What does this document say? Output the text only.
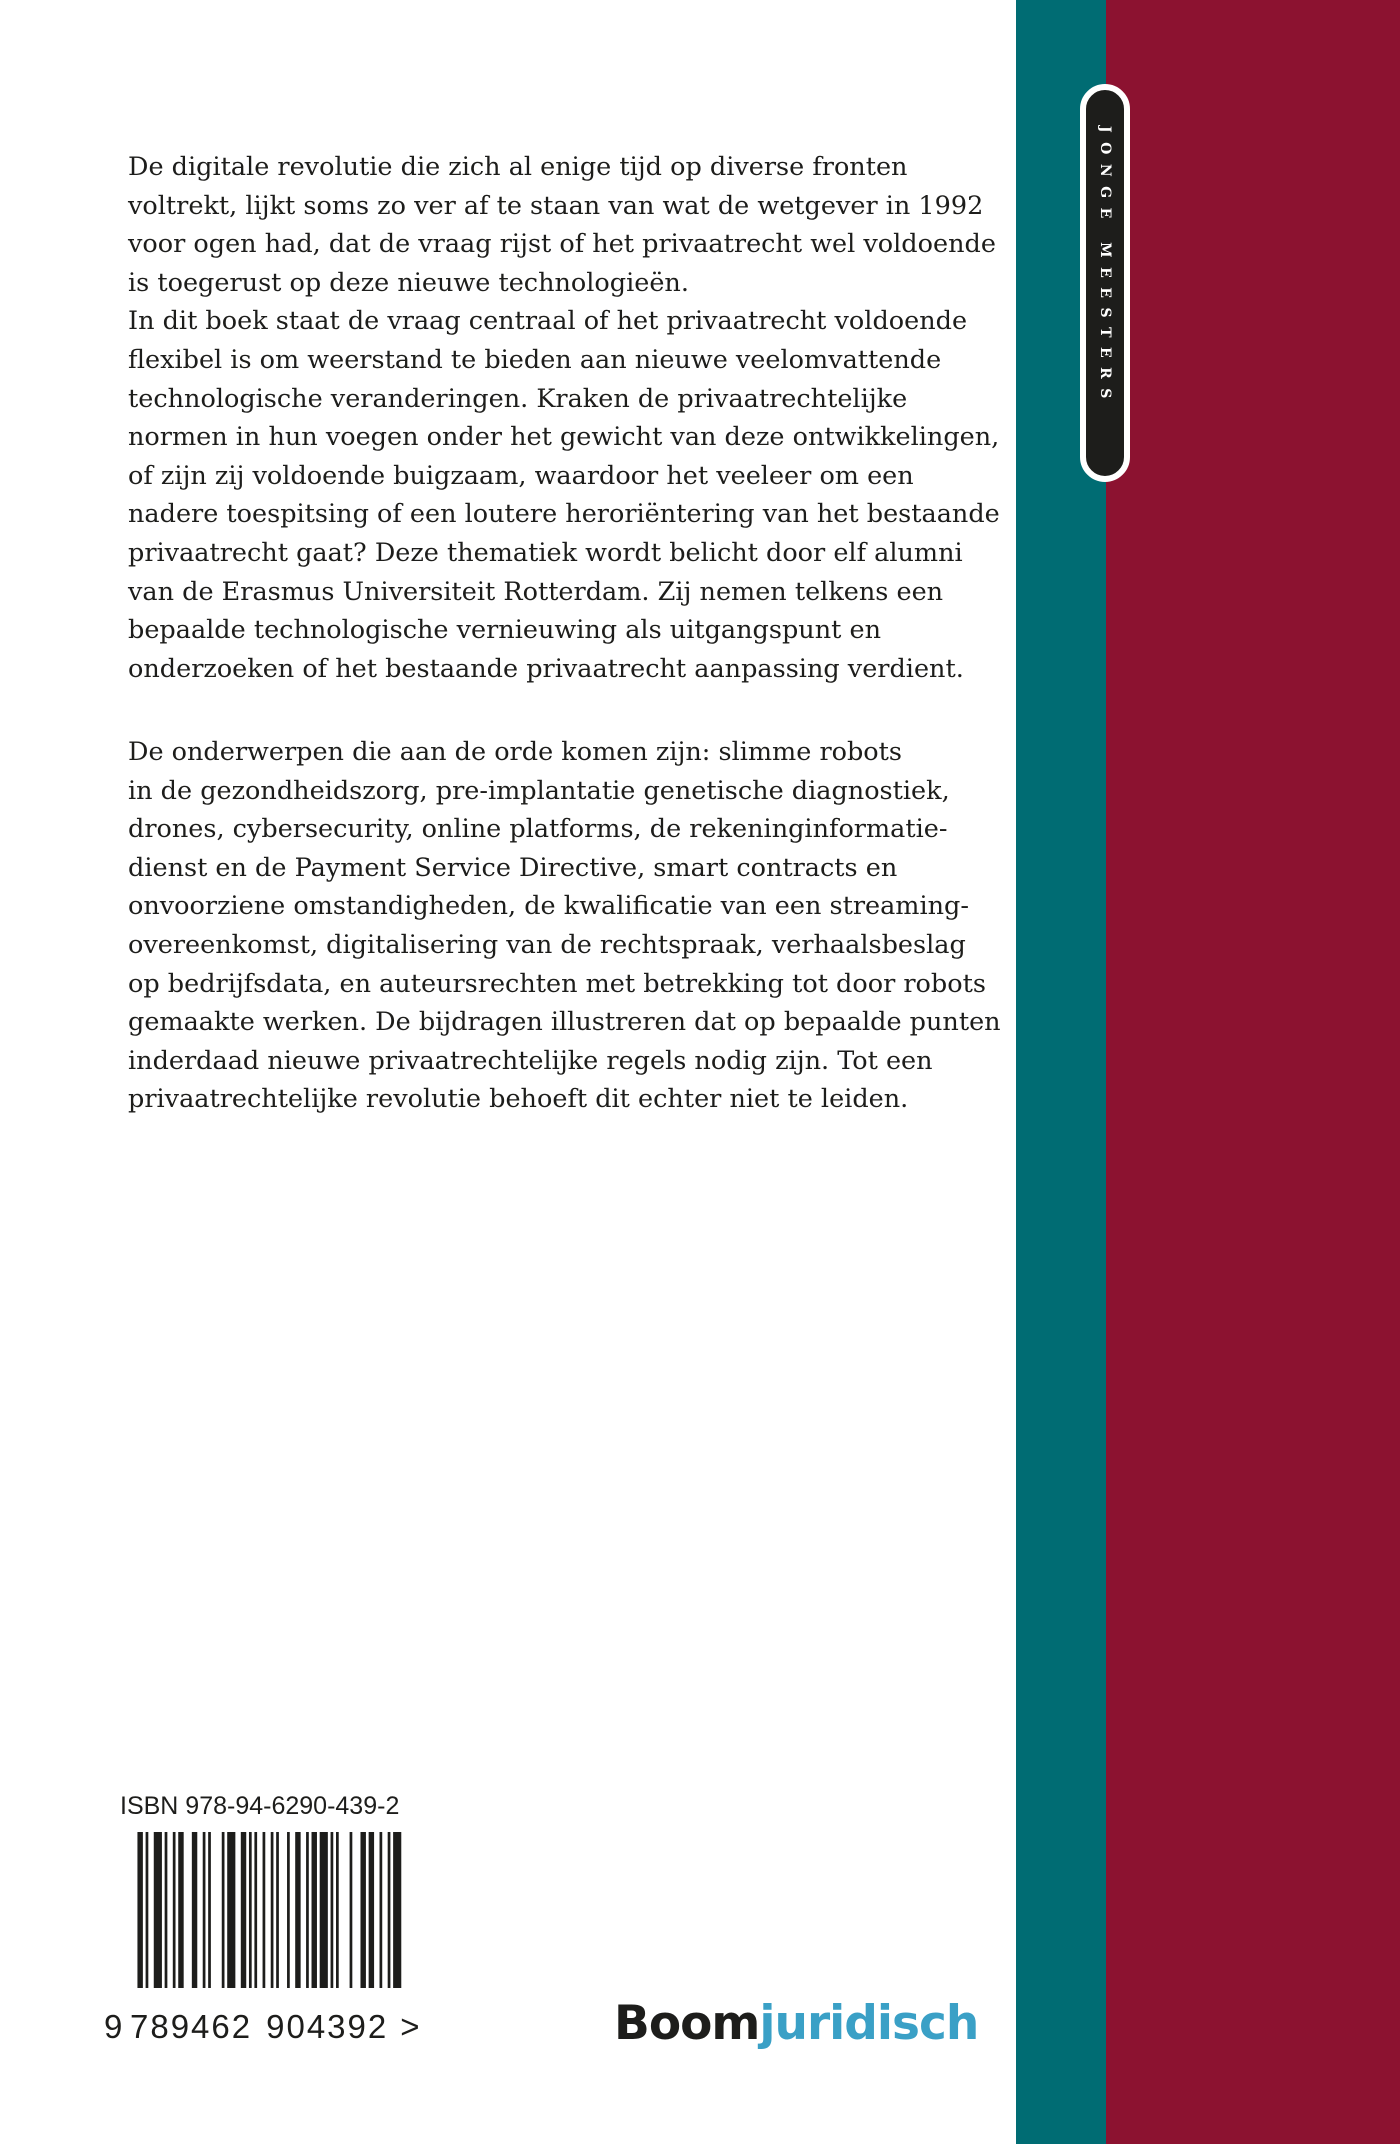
JONGE MEESTERS
De digitale revolutie die zich al enige tijd op diverse fronten
voltrekt, lijkt soms zo ver af te staan van wat de wetgever in 1992
voor ogen had, dat de vraag rijst of het privaatrecht wel voldoende
is toegerust op deze nieuwe technologieën.
In dit boek staat de vraag centraal of het privaatrecht voldoende
flexibel is om weerstand te bieden aan nieuwe veelomvattende
technologische veranderingen. Kraken de privaatrechtelijke
normen in hun voegen onder het gewicht van deze ontwikkelingen,
of zijn zij voldoende buigzaam, waardoor het veeleer om een
nadere toespitsing of een loutere heroriëntering van het bestaande
privaatrecht gaat? Deze thematiek wordt belicht door elf alumni
van de Erasmus Universiteit Rotterdam. Zij nemen telkens een
bepaalde technologische vernieuwing als uitgangspunt en
onderzoeken of het bestaande privaatrecht aanpassing verdient.
De onderwerpen die aan de orde komen zijn: slimme robots
in de gezondheidszorg, pre-implantatie genetische diagnostiek,
drones, cybersecurity, online platforms, de rekeninginformatie-
dienst en de Payment Service Directive, smart contracts en
onvoorziene omstandigheden, de kwalificatie van een streaming-
overeenkomst, digitalisering van de rechtspraak, verhaalsbeslag
op bedrijfsdata, en auteursrechten met betrekking tot door robots
gemaakte werken. De bijdragen illustreren dat op bepaalde punten
inderdaad nieuwe privaatrechtelijke regels nodig zijn. Tot een
privaatrechtelijke revolutie behoeft dit echter niet te leiden.
ISBN 978-94-6290-439-2
9 789462 904392 >	Boomjuridisch
